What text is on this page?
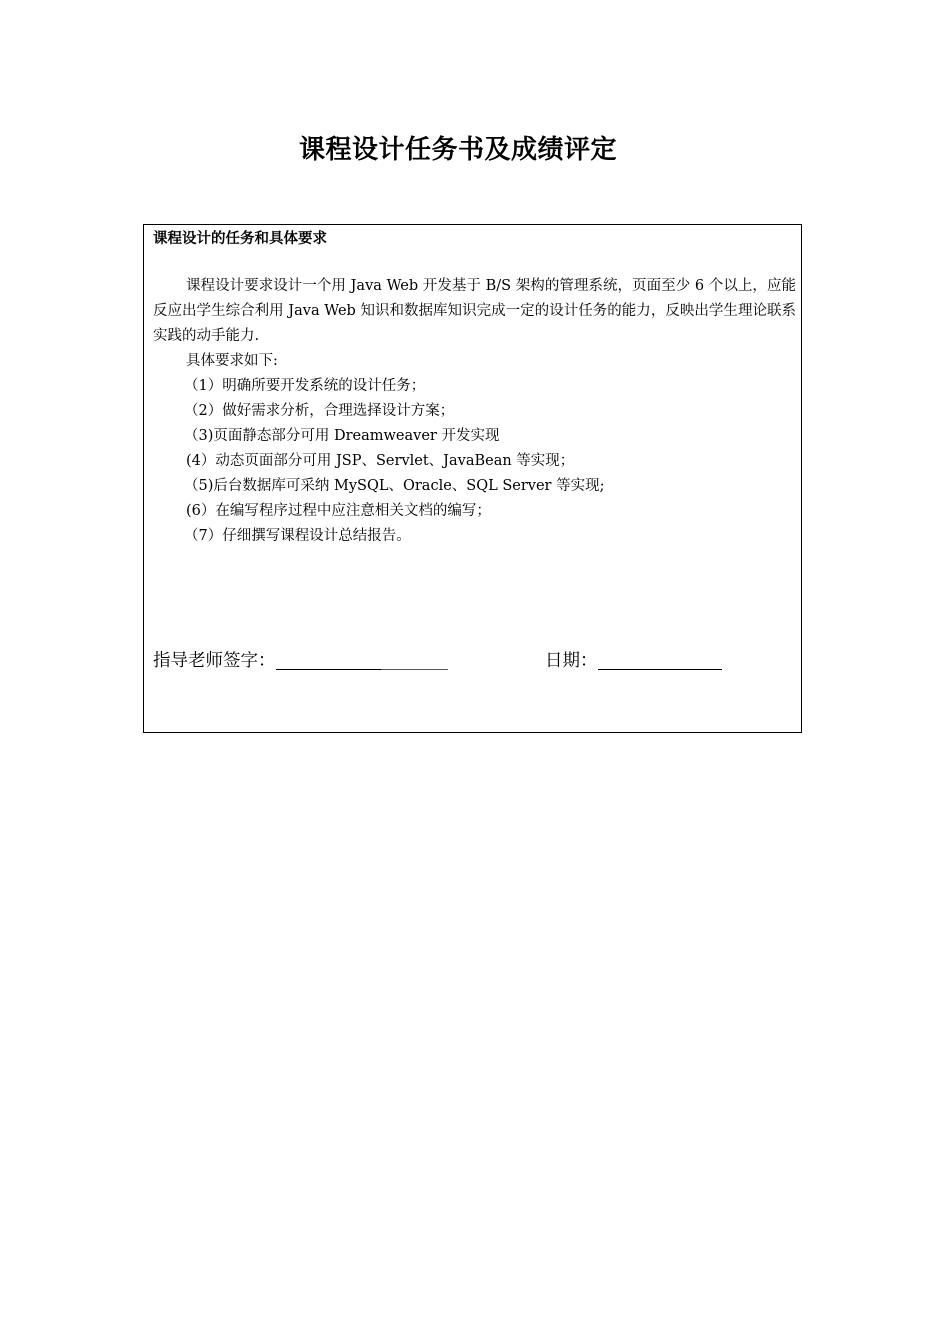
课程设计任务书及成绩评定
课程设计的任务和具体要求

课程设计要求设计一个用 Java Web 开发基于 B/S 架构的管理系统，页面至少 6 个以上，应能反应出学生综合利用 Java Web 知识和数据库知识完成一定的设计任务的能力，反映出学生理论联系实践的动手能力.

具体要求如下:
（1）明确所要开发系统的设计任务；
（2）做好需求分析，合理选择设计方案；
（3)页面静态部分可用 Dreamweaver 开发实现
(4）动态页面部分可用 JSP、Servlet、JavaBean 等实现；
（5)后台数据库可采纳 MySQL、Oracle、SQL Server 等实现;
(6）在编写程序过程中应注意相关文档的编写；
（7）仔细撰写课程设计总结报告。
指导老师签字：	日期：
